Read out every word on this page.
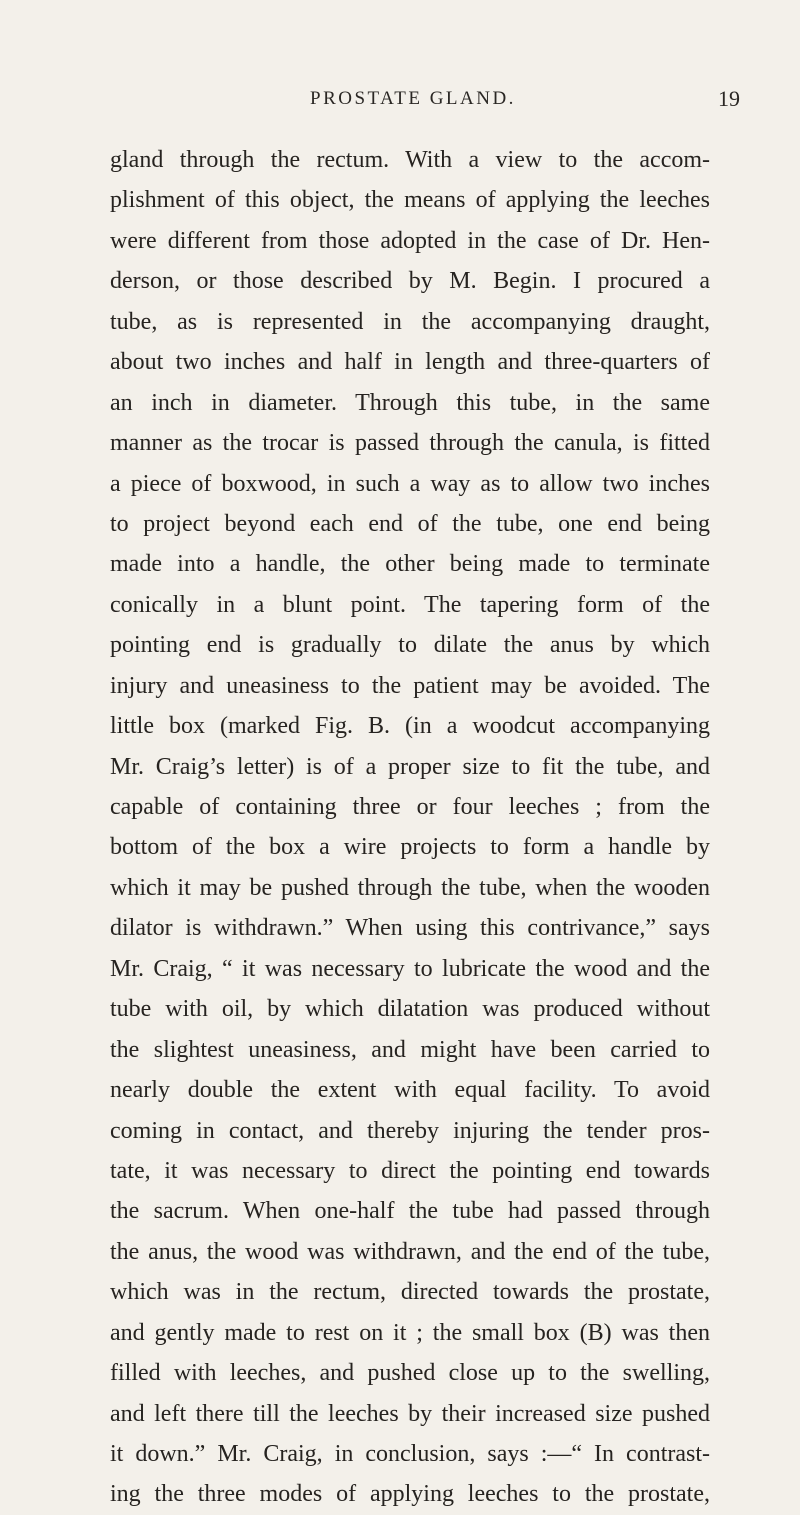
PROSTATE GLAND.	19
gland through the rectum. With a view to the accom-
plishment of this object, the means of applying the leeches
were different from those adopted in the case of Dr. Hen-
derson, or those described by M. Begin. I procured a
tube, as is represented in the accompanying draught,
about two inches and half in length and three-quarters of
an inch in diameter. Through this tube, in the same
manner as the trocar is passed through the canula, is fitted
a piece of boxwood, in such a way as to allow two inches
to project beyond each end of the tube, one end being
made into a handle, the other being made to terminate
conically in a blunt point. The tapering form of the
pointing end is gradually to dilate the anus by which
injury and uneasiness to the patient may be avoided. The
little box (marked Fig. B. (in a woodcut accompanying
Mr. Craig’s letter) is of a proper size to fit the tube, and
capable of containing three or four leeches ; from the
bottom of the box a wire projects to form a handle by
which it may be pushed through the tube, when the wooden
dilator is withdrawn.” When using this contrivance,” says
Mr. Craig, “ it was necessary to lubricate the wood and the
tube with oil, by which dilatation was produced without
the slightest uneasiness, and might have been carried to
nearly double the extent with equal facility. To avoid
coming in contact, and thereby injuring the tender pros-
tate, it was necessary to direct the pointing end towards
the sacrum. When one-half the tube had passed through
the anus, the wood was withdrawn, and the end of the tube,
which was in the rectum, directed towards the prostate,
and gently made to rest on it ; the small box (B) was then
filled with leeches, and pushed close up to the swelling,
and left there till the leeches by their increased size pushed
it down.” Mr. Craig, in conclusion, says :—“ In contrast-
ing the three modes of applying leeches to the prostate,
